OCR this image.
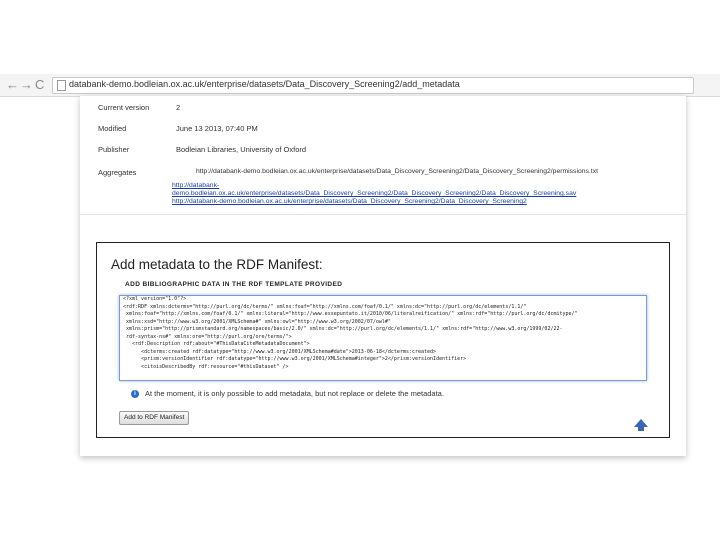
← → C	databank-demo.bodleian.ox.ac.uk/enterprise/datasets/Data_Discovery_Screening2/add_metadata
Current version	2
Modified	June 13 2013, 07:40 PM
Publisher	Bodleian Libraries, University of Oxford
Aggregates	http://databank-demo.bodleian.ox.ac.uk/enterprise/datasets/Data_Discovery_Screening2/Data_Discovery_Screening2/permissions.txt
http://databank-
demo.bodleian.ox.ac.uk/enterprise/datasets/Data_Discovery_Screening2/Data_Discovery_Screening2/Data_Discovery_Screening.sav
http://databank-demo.bodleian.ox.ac.uk/enterprise/datasets/Data_Discovery_Screening2/Data_Discovery_Screening2
Add metadata to the RDF Manifest:
ADD BIBLIOGRAPHIC DATA IN THE RDF TEMPLATE PROVIDED
<?xml version="1.0"?>
<rdf:RDF xmlns:dcterms="http://purl.org/dc/terms/" xmlns:foaf="http://xmlns.com/foaf/0.1/" xmlns:dc="http://purl.org/dc/elements/1.1/"
xmlns:foaf="http://xmlns.com/foaf/0.1/" xmlns:literal="http://www.essepuntato.it/2010/06/literalreification/" xmlns:rdf="http://purl.org/dc/dcmitype/"
xmlns:xsd="http://www.w3.org/2001/XMLSchema#" xmlns:owl="http://www.w3.org/2002/07/owl#"
xmlns:prism="http://prismstandard.org/namespaces/basic/2.0/" xmlns:dc="http://purl.org/dc/elements/1.1/" xmlns:rdf="http://www.w3.org/1999/02/22-
rdf-syntax-ns#" xmlns:ore="http://purl.org/ore/terms/">
<rdf:Description rdf:about="#ThisDataCiteMetadataDocument">
<dcterms:created rdf:datatype="http://www.w3.org/2001/XMLSchema#date">2013-06-18</dcterms:created>
<prism:versionIdentifier rdf:datatype="http://www.w3.org/2001/XMLSchema#integer">2</prism:versionIdentifier>
<citoisDescribedBy rdf:resource="#thisDataset" />
i At the moment, it is only possible to add metadata, but not replace or delete the metadata.
Add to RDF Manifest
